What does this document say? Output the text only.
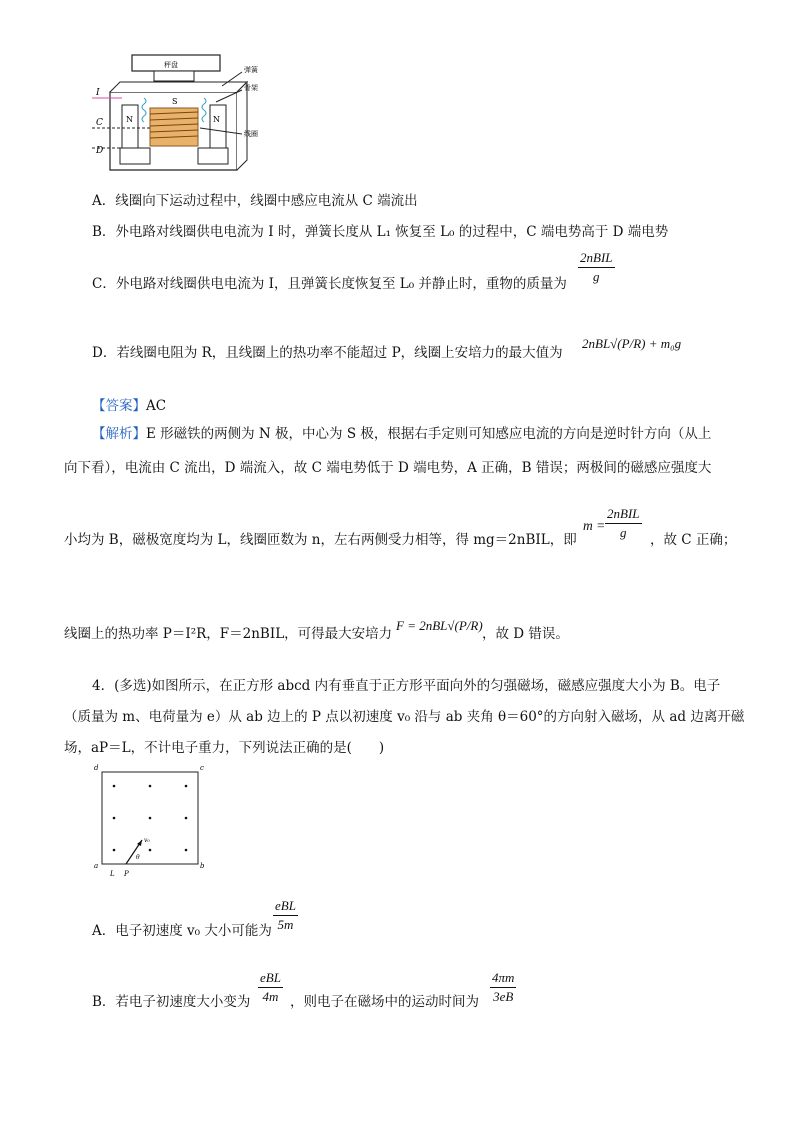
秤盘
弹簧
骨架
线圈
I
C
D
N	N
S
A．线圈向下运动过程中，线圈中感应电流从 C 端流出
B．外电路对线圈供电电流为 I 时，弹簧长度从 L₁ 恢复至 L₀ 的过程中，C 端电势高于 D 端电势
C．外电路对线圈供电电流为 I，且弹簧长度恢复至 L₀ 并静止时，重物的质量为
2nBIL
g
D．若线圈电阻为 R，且线圈上的热功率不能超过 P，线圈上安培力的最大值为
2nBL√(P/R) + m₀g
【答案】AC
【解析】E 形磁铁的两侧为 N 极，中心为 S 极，根据右手定则可知感应电流的方向是逆时针方向（从上
向下看），电流由 C 流出，D 端流入，故 C 端电势低于 D 端电势，A 正确，B 错误；两极间的磁感应强度大
小均为 B，磁极宽度均为 L，线圈匝数为 n，左右两侧受力相等，得 mg＝2nBIL，即
m =
2nBIL
g	，故 C 正确；
线圈上的热功率 P＝I²R，F＝2nBIL，可得最大安培力
F = 2nBL√(P/R)
，故 D 错误。
4．(多选)如图所示，在正方形 abcd 内有垂直于正方形平面向外的匀强磁场，磁感应强度大小为 B。电子
（质量为 m、电荷量为 e）从 ab 边上的 P 点以初速度 v₀ 沿与 ab 夹角 θ＝60°的方向射入磁场，从 ad 边离开磁
场，aP＝L，不计电子重力，下列说法正确的是(　　)
d	c
a	b
L P
v₀
θ
A．电子初速度 v₀ 大小可能为
eBL
5m
B．若电子初速度大小变为
eBL
4m ，则电子在磁场中的运动时间为
4πm
3eB
